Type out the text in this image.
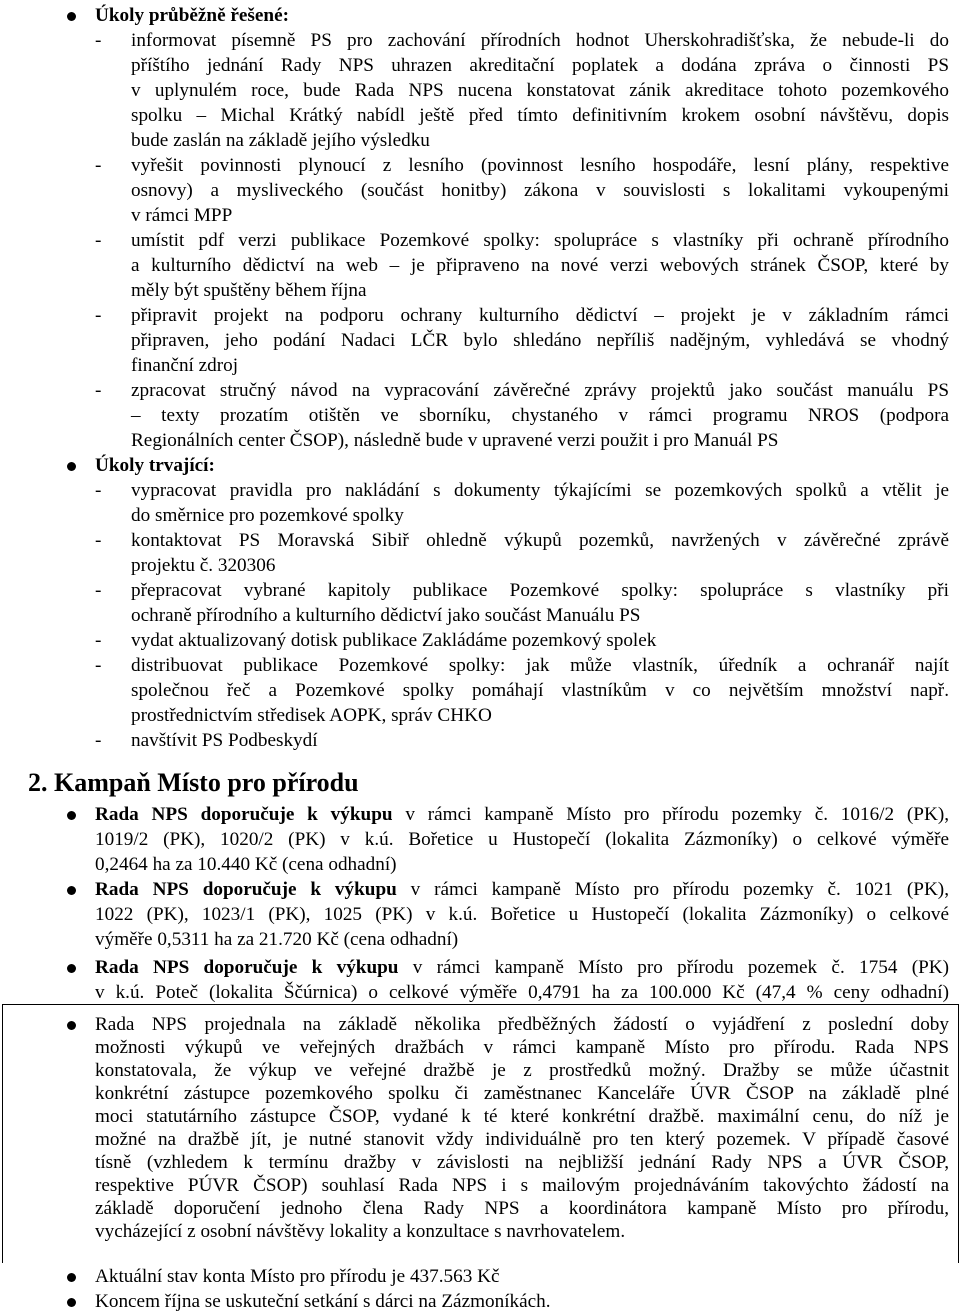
Úkoly průběžně řešené:
- informovat písemně PS pro zachování přírodních hodnot Uherskohradišťska, že nebude-li do
příštího jednání Rady NPS uhrazen akreditační poplatek a dodána zpráva o činnosti PS
v uplynulém roce, bude Rada NPS nucena konstatovat zánik akreditace tohoto pozemkového
spolku – Michal Krátký nabídl ještě před tímto definitivním krokem osobní návštěvu, dopis
bude zaslán na základě jejího výsledku
- vyřešit povinnosti plynoucí z lesního (povinnost lesního hospodáře, lesní plány, respektive
osnovy) a mysliveckého (součást honitby) zákona v souvislosti s lokalitami vykoupenými
v rámci MPP
- umístit pdf verzi publikace Pozemkové spolky: spolupráce s vlastníky při ochraně přírodního
a kulturního dědictví na web – je připraveno na nové verzi webových stránek ČSOP, které by
měly být spuštěny během října
- připravit projekt na podporu ochrany kulturního dědictví – projekt je v základním rámci
připraven, jeho podání Nadaci LČR bylo shledáno nepříliš nadějným, vyhledává se vhodný
finanční zdroj
- zpracovat stručný návod na vypracování závěrečné zprávy projektů jako součást manuálu PS
– texty prozatím otištěn ve sborníku, chystaného v rámci programu NROS (podpora
Regionálních center ČSOP), následně bude v upravené verzi použit i pro Manuál PS
Úkoly trvající:
- vypracovat pravidla pro nakládání s dokumenty týkajícími se pozemkových spolků a vtělit je
do směrnice pro pozemkové spolky
- kontaktovat PS Moravská Sibiř ohledně výkupů pozemků, navržených v závěrečné zprávě
projektu č. 320306
- přepracovat vybrané kapitoly publikace Pozemkové spolky: spolupráce s vlastníky při
ochraně přírodního a kulturního dědictví jako součást Manuálu PS
- vydat aktualizovaný dotisk publikace Zakládáme pozemkový spolek
- distribuovat publikace Pozemkové spolky: jak může vlastník, úředník a ochranář najít
společnou řeč a Pozemkové spolky pomáhají vlastníkům v co největším množství např.
prostřednictvím středisek AOPK, správ CHKO
- navštívit PS Podbeskydí
2. Kampaň Místo pro přírodu
Rada NPS doporučuje k výkupu v rámci kampaně Místo pro přírodu pozemky č. 1016/2 (PK),
1019/2 (PK), 1020/2 (PK) v k.ú. Bořetice u Hustopečí (lokalita Zázmoníky) o celkové výměře
0,2464 ha za 10.440 Kč (cena odhadní)
Rada NPS doporučuje k výkupu v rámci kampaně Místo pro přírodu pozemky č. 1021 (PK),
1022 (PK), 1023/1 (PK), 1025 (PK) v k.ú. Bořetice u Hustopečí (lokalita Zázmoníky) o celkové
výměře 0,5311 ha za 21.720 Kč (cena odhadní)
Rada NPS doporučuje k výkupu v rámci kampaně Místo pro přírodu pozemek č. 1754 (PK)
v k.ú. Poteč (lokalita Ščúrnica) o celkové výměře 0,4791 ha za 100.000 Kč (47,4 % ceny odhadní)
Rada NPS projednala na základě několika předběžných žádostí o vyjádření z poslední doby
možnosti výkupů ve veřejných dražbách v rámci kampaně Místo pro přírodu. Rada NPS
konstatovala, že výkup ve veřejné dražbě je z prostředků možný. Dražby se může účastnit
konkrétní zástupce pozemkového spolku či zaměstnanec Kanceláře ÚVR ČSOP na základě plné
moci statutárního zástupce ČSOP, vydané k té které konkrétní dražbě. maximální cenu, do níž je
možné na dražbě jít, je nutné stanovit vždy individuálně pro ten který pozemek. V případě časové
tísně (vzhledem k termínu dražby v závislosti na nejbližší jednání Rady NPS a ÚVR ČSOP,
respektive PÚVR ČSOP) souhlasí Rada NPS i s mailovým projednáváním takovýchto žádostí na
základě doporučení jednoho člena Rady NPS a koordinátora kampaně Místo pro přírodu,
vycházející z osobní návštěvy lokality a konzultace s navrhovatelem.
Aktuální stav konta Místo pro přírodu je 437.563 Kč
Koncem října se uskuteční setkání s dárci na Zázmoníkách.
